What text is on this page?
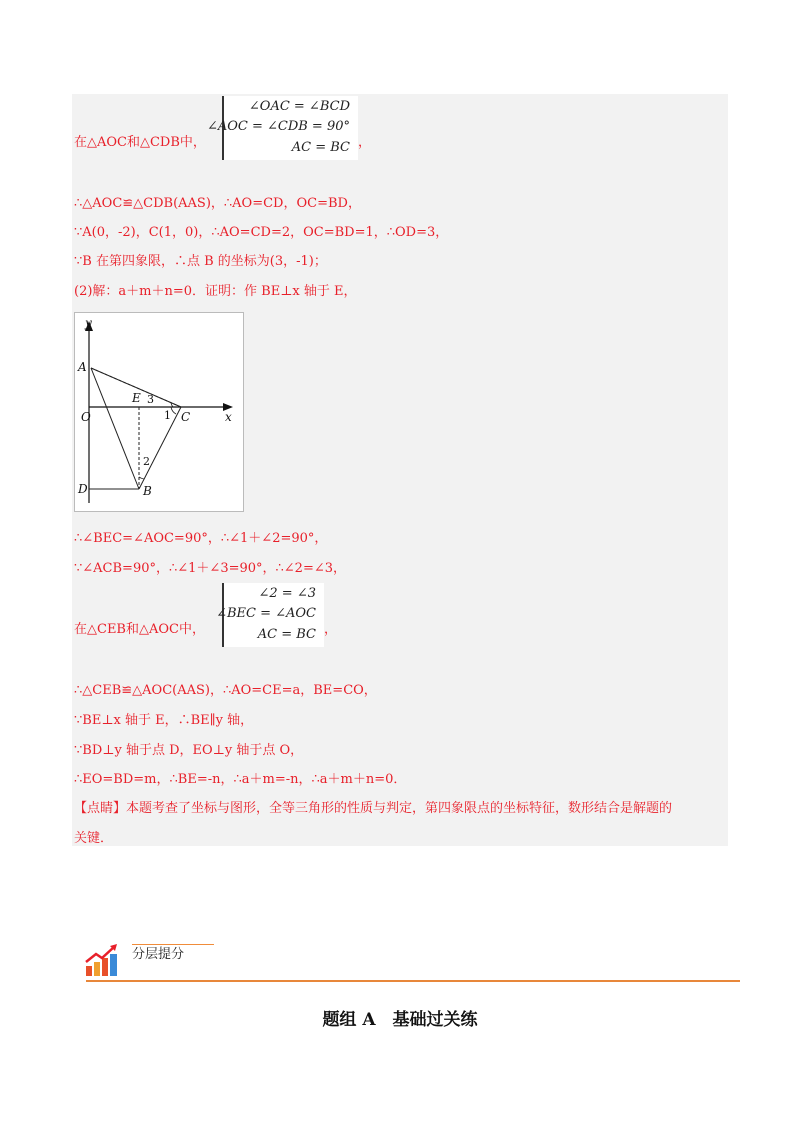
在△AOC和△CDB中，
∠OAC = ∠BCD
∠AOC = ∠CDB = 90°
AC = BC ，
∴△AOC≌△CDB(AAS)，∴AO=CD，OC=BD，
∵A(0，-2)，C(1，0)，∴AO=CD=2，OC=BD=1，∴OD=3，
∵B 在第四象限，∴点 B 的坐标为(3，-1)；
(2)解：a＋m＋n=0．证明：作 BE⊥x 轴于 E，
y
x
A
O
E 3
1 C
2
D	B
∴∠BEC=∠AOC=90°，∴∠1＋∠2=90°，
∵∠ACB=90°，∴∠1＋∠3=90°，∴∠2=∠3，
在△CEB和△AOC中，
∠2 = ∠3
∠BEC = ∠AOC
AC = BC ，
∴△CEB≌△AOC(AAS)，∴AO=CE=a，BE=CO，
∵BE⊥x 轴于 E，∴BE∥y 轴，
∵BD⊥y 轴于点 D，EO⊥y 轴于点 O，
∴EO=BD=m，∴BE=-n，∴a＋m=-n，∴a＋m＋n=0．
【点睛】本题考查了坐标与图形，全等三角形的性质与判定，第四象限点的坐标特征，数形结合是解题的
关键．
分层提分
题组 A　基础过关练
